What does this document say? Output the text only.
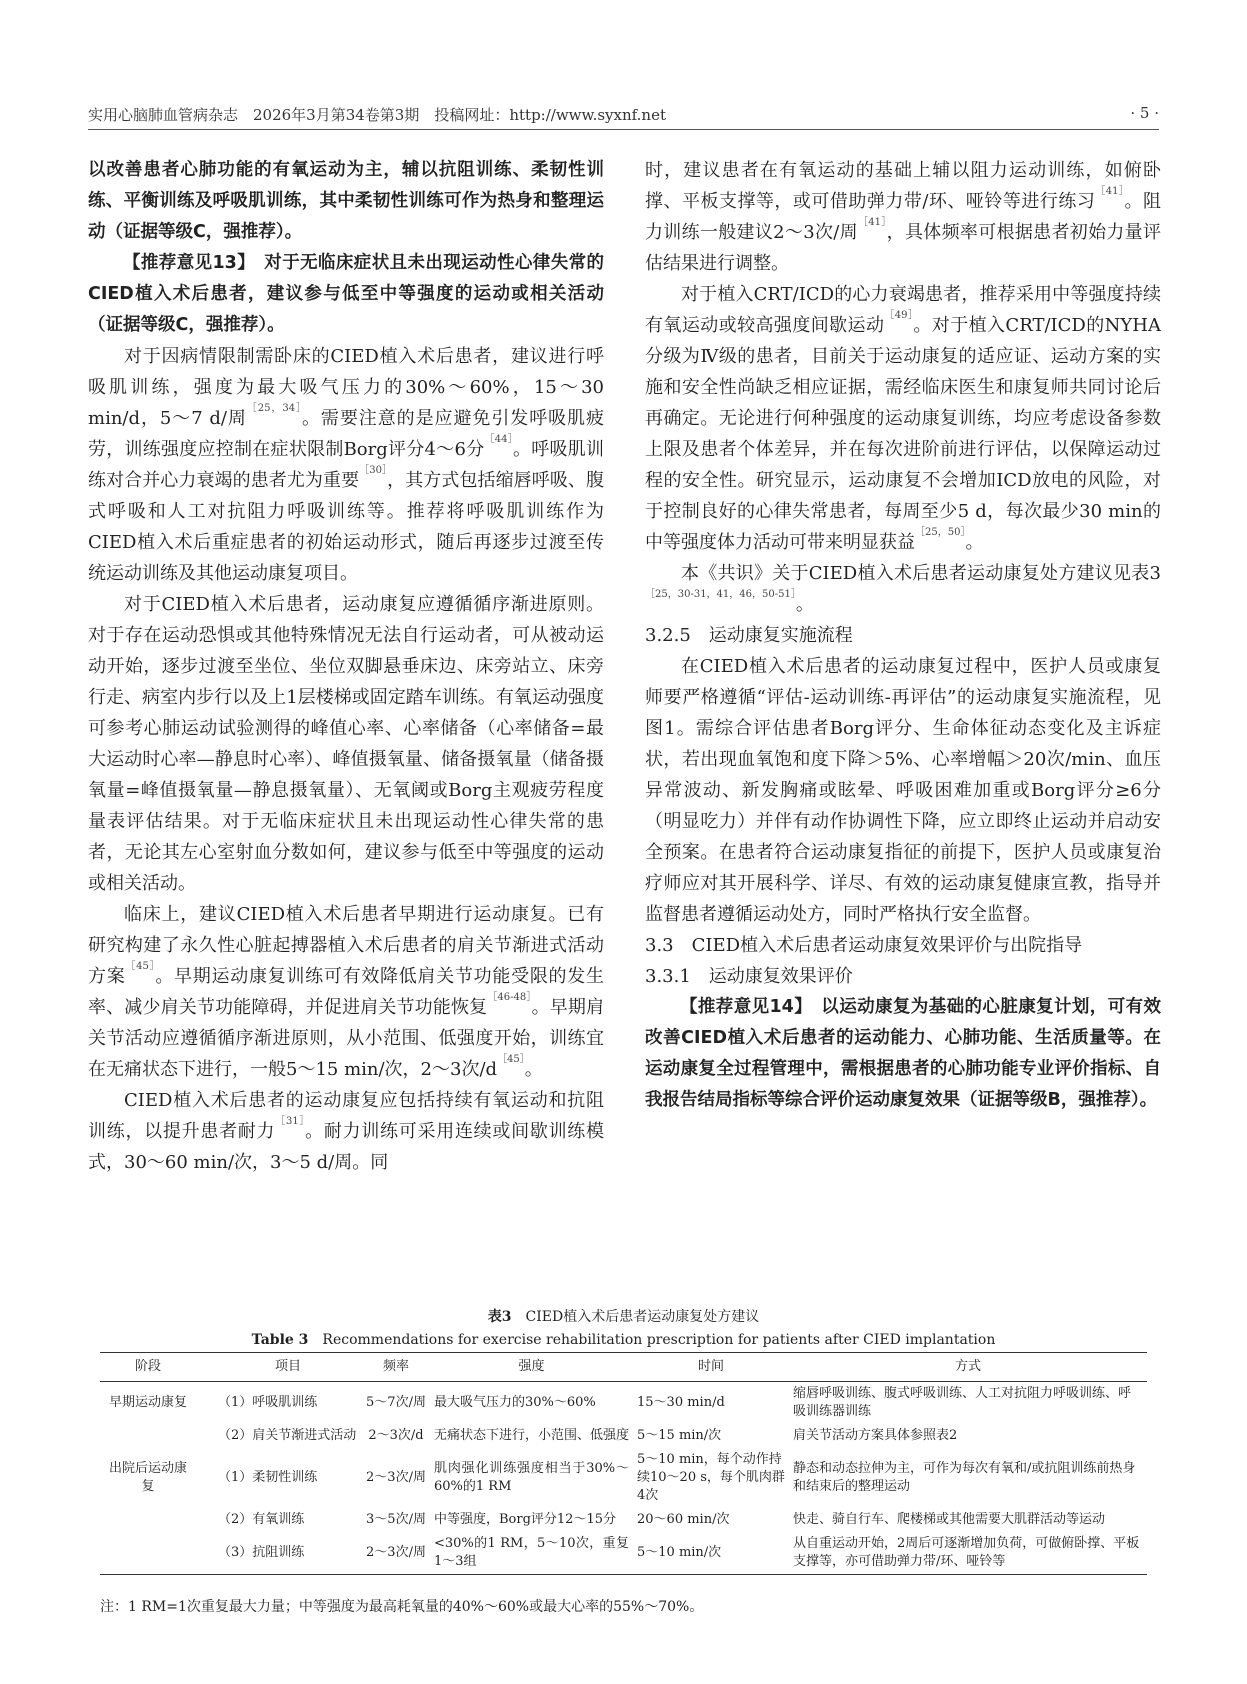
实用心脑肺血管病杂志　2026年3月第34卷第3期　投稿网址：http://www.syxnf.net	· 5 ·

以改善患者心肺功能的有氧运动为主，辅以抗阻训练、柔韧性训练、平衡训练及呼吸肌训练，其中柔韧性训练可作为热身和整理运动（证据等级C，强推荐）。

【推荐意见13】　对于无临床症状且未出现运动性心律失常的CIED植入术后患者，建议参与低至中等强度的运动或相关活动（证据等级C，强推荐）。

对于因病情限制需卧床的CIED植入术后患者，建议进行呼吸肌训练，强度为最大吸气压力的30%～60%，15～30 min/d，5～7 d/周$^{[25,34]}$。需要注意的是应避免引发呼吸肌疲劳，训练强度应控制在症状限制Borg评分4～6分$^{[44]}$。呼吸肌训练对合并心力衰竭的患者尤为重要$^{[30]}$，其方式包括缩唇呼吸、腹式呼吸和人工对抗阻力呼吸训练等。推荐将呼吸肌训练作为CIED植入术后重症患者的初始运动形式，随后再逐步过渡至传统运动训练及其他运动康复项目。

对于CIED植入术后患者，运动康复应遵循循序渐进原则。对于存在运动恐惧或其他特殊情况无法自行运动者，可从被动运动开始，逐步过渡至坐位、坐位双脚悬垂床边、床旁站立、床旁行走、病室内步行以及上1层楼梯或固定踏车训练。有氧运动强度可参考心肺运动试验测得的峰值心率、心率储备（心率储备=最大运动时心率—静息时心率）、峰值摄氧量、储备摄氧量（储备摄氧量=峰值摄氧量—静息摄氧量）、无氧阈或Borg主观疲劳程度量表评估结果。对于无临床症状且未出现运动性心律失常的患者，无论其左心室射血分数如何，建议参与低至中等强度的运动或相关活动。

临床上，建议CIED植入术后患者早期进行运动康复。已有研究构建了永久性心脏起搏器植入术后患者的肩关节渐进式活动方案$^{[45]}$。早期运动康复训练可有效降低肩关节功能受限的发生率、减少肩关节功能障碍，并促进肩关节功能恢复$^{[46-48]}$。早期肩关节活动应遵循循序渐进原则，从小范围、低强度开始，训练宜在无痛状态下进行，一般5～15 min/次，2～3次$/d^{[45]}$。

CIED植入术后患者的运动康复应包括持续有氧运动和抗阻训练，以提升患者耐力$^{[31]}$。耐力训练可采用连续或间歇训练模式，30～60 min/次，3～5 d/周。同

时，建议患者在有氧运动的基础上辅以阻力运动训练，如俯卧撑、平板支撑等，或可借助弹力带/环、哑铃等进行练习$^{[41]}$。阻力训练一般建议2～3次/周$^{[41]}$，具体频率可根据患者初始力量评估结果进行调整。

对于植入CRT/ICD的心力衰竭患者，推荐采用中等强度持续有氧运动或较高强度间歇运动$^{[49]}$。对于植入CRT/ICD的NYHA分级为Ⅳ级的患者，目前关于运动康复的适应证、运动方案的实施和安全性尚缺乏相应证据，需经临床医生和康复师共同讨论后再确定。无论进行何种强度的运动康复训练，均应考虑设备参数上限及患者个体差异，并在每次进阶前进行评估，以保障运动过程的安全性。研究显示，运动康复不会增加ICD放电的风险，对于控制良好的心律失常患者，每周至少5 d，每次最少30 min的中等强度体力活动可带来明显获益$^{[25,50]}$。

本《共识》关于CIED植入术后患者运动康复处方建议见表$3^{[25,30-31,41,46,50-51]}$。

3.2.5　运动康复实施流程

在CIED植入术后患者的运动康复过程中，医护人员或康复师要严格遵循“评估-运动训练-再评估”的运动康复实施流程，见图1。需综合评估患者Borg评分、生命体征动态变化及主诉症状，若出现血氧饱和度下降＞5%、心率增幅＞20次/min、血压异常波动、新发胸痛或眩晕、呼吸困难加重或Borg评分≥6分（明显吃力）并伴有动作协调性下降，应立即终止运动并启动安全预案。在患者符合运动康复指征的前提下，医护人员或康复治疗师应对其开展科学、详尽、有效的运动康复健康宣教，指导并监督患者遵循运动处方，同时严格执行安全监督。

3.3　CIED植入术后患者运动康复效果评价与出院指导

3.3.1　运动康复效果评价

【推荐意见14】　以运动康复为基础的心脏康复计划，可有效改善CIED植入术后患者的运动能力、心肺功能、生活质量等。在运动康复全过程管理中，需根据患者的心肺功能专业评价指标、自我报告结局指标等综合评价运动康复效果（证据等级B，强推荐）。

表3　 CIED植入术后患者运动康复处方建议
Table 3　 Recommendations for exercise rehabilitation prescription for patients after CIED implantation
阶段	项目	频率	强度	时间	方式
早期运动康复	（1）呼吸肌训练	5～7次/周	最大吸气压力的30%～60%	15～30 min/d	缩唇呼吸训练、腹式呼吸训练、人工对抗阻力呼吸训练、呼吸训练器训练
	（2）肩关节渐进式活动	2～3次/d	无痛状态下进行，小范围、低强度	5～15 min/次	肩关节活动方案具体参照表2
出院后运动康复	（1）柔韧性训练	2～3次/周	肌肉强化训练强度相当于30%～60%的1 RM	5～10 min，每个动作持续10～20 s，每个肌肉群4次	静态和动态拉伸为主，可作为每次有氧和/或抗阻训练前热身和结束后的整理运动
	（2）有氧训练	3～5次/周	中等强度，Borg评分12～15分	20～60 min/次	快走、骑自行车、爬楼梯或其他需要大肌群活动等运动
	（3）抗阻训练	2～3次/周	<30%的1 RM，5～10次，重复1～3组	5～10 min/次	从自重运动开始，2周后可逐渐增加负荷，可做俯卧撑、平板支撑等，亦可借助弹力带/环、哑铃等
注：1 RM=1次重复最大力量；中等强度为最高耗氧量的40%～60%或最大心率的55%～70%。
